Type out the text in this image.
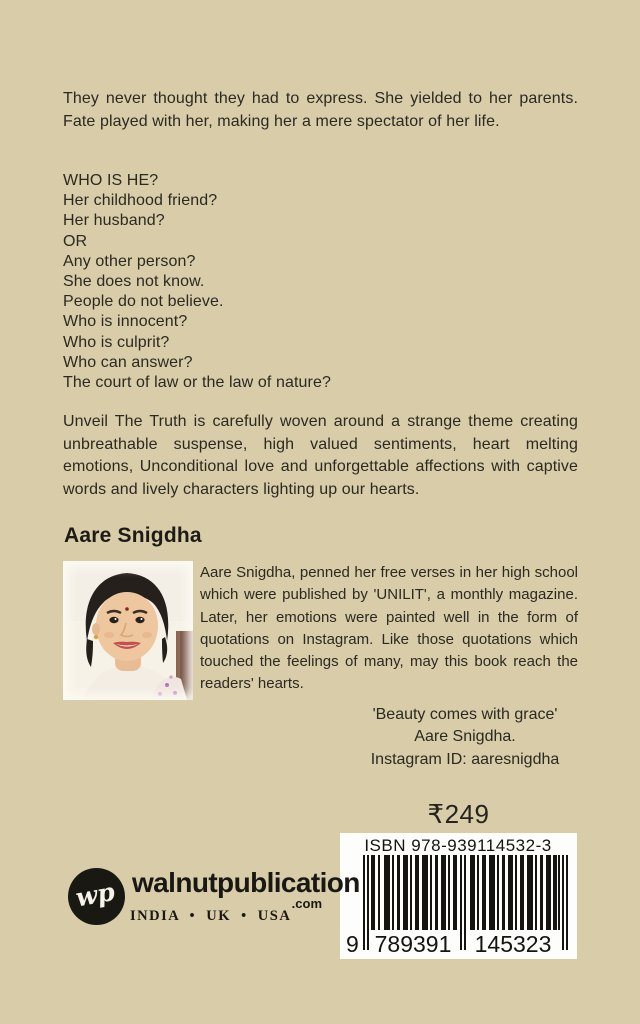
They never thought they had to express. She yielded to her parents. Fate played with her, making her a mere spectator of her life.
WHO IS HE?
Her childhood friend?
Her husband?
OR
Any other person?
She does not know.
People do not believe.
Who is innocent?
Who is culprit?
Who can answer?
The court of law or the law of nature?
Unveil The Truth is carefully woven around a strange theme creating unbreathable suspense, high valued sentiments, heart melting emotions, Unconditional love and unforgettable affections with captive words and lively characters lighting up our hearts.
Aare Snigdha
Aare Snigdha, penned her free verses in her high school which were published by 'UNILIT', a monthly magazine. Later, her emotions were painted well in the form of quotations on Instagram. Like those quotations which touched the feelings of many, may this book reach the readers' hearts.
'Beauty comes with grace'
Aare Snigdha.
Instagram ID: aaresnigdha
₹249
ISBN 978-939114532-3
9 789391 145323
wp walnutpublication
.com
INDIA • UK • USA
